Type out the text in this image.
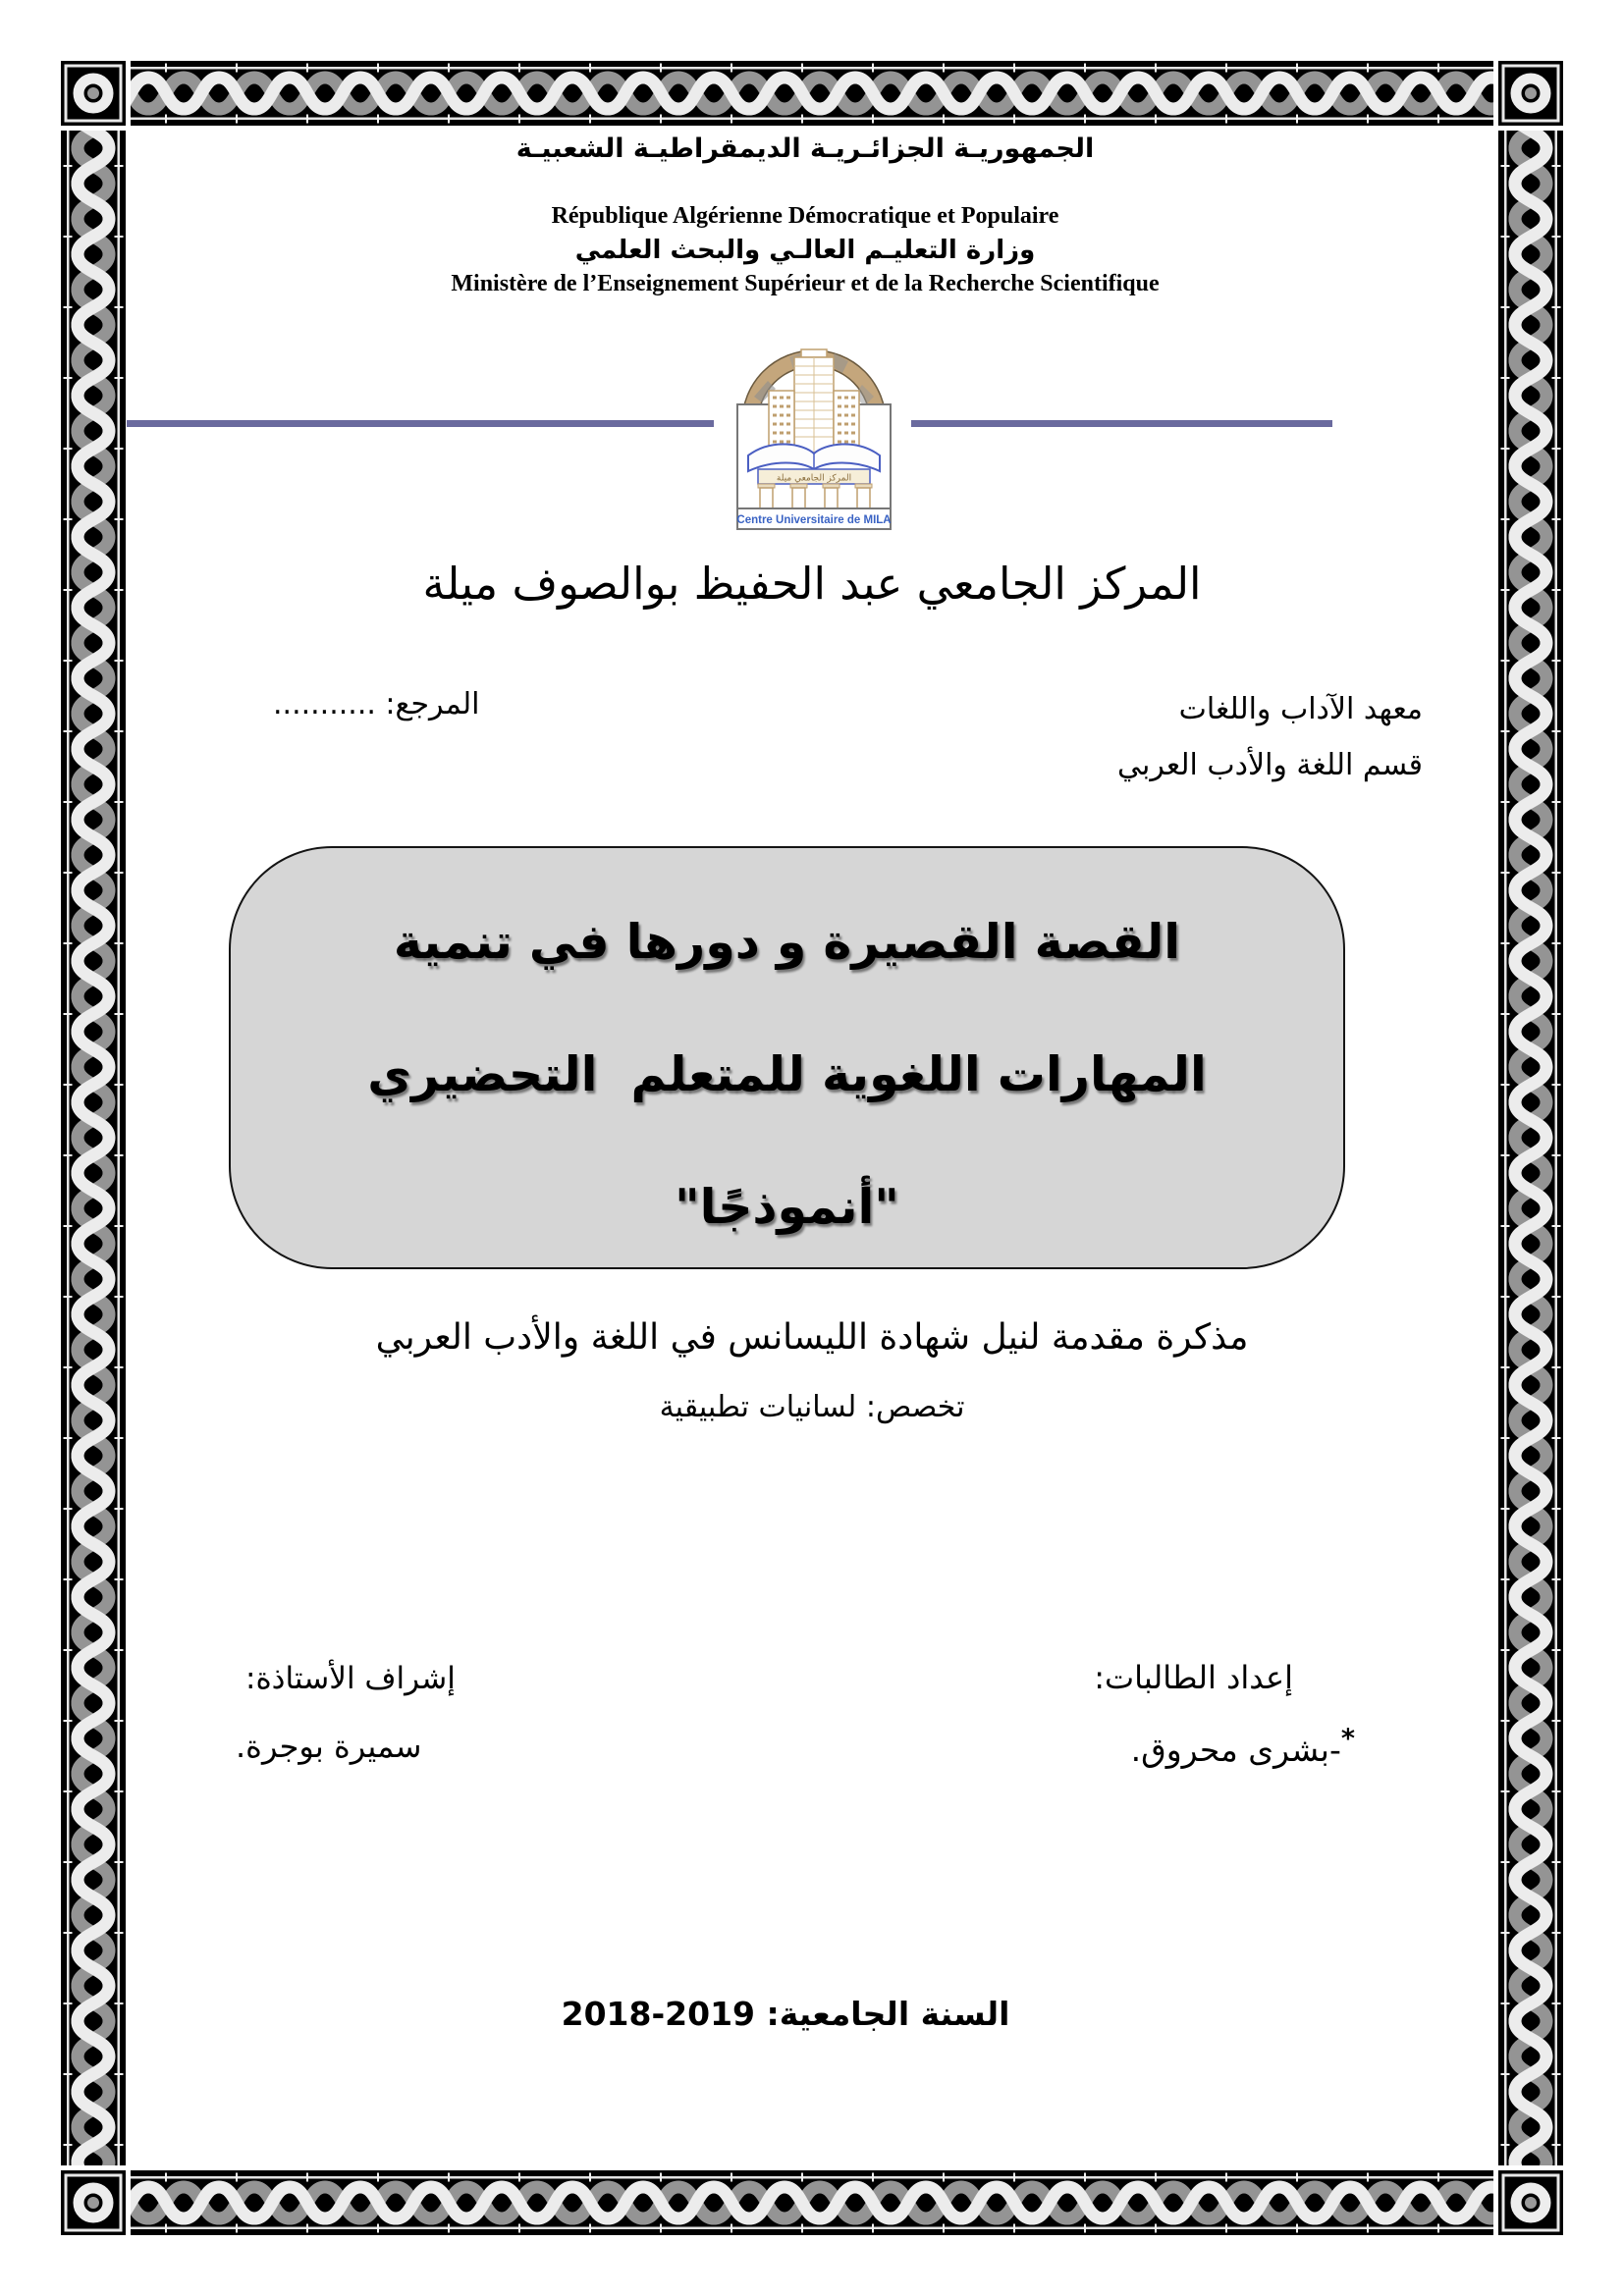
الجمهوريـة الجزائـريـة الديمقراطيـة الشعبيـة
République Algérienne Démocratique et Populaire
وزارة التعليـم العالـي والبحث العلمي
Ministère de l’Enseignement Supérieur et de la Recherche Scientifique
المركز الجامعي ميلة
Centre Universitaire de MILA
المركز الجامعي عبد الحفيظ بوالصوف ميلة
معهد الآداب واللغات
قسم اللغة والأدب العربي
المرجع: ...........
القصة القصيرة و دورها في تنمية
المهارات اللغوية للمتعلم  التحضيري
"أنموذجًا"
مذكرة مقدمة لنيل شهادة الليسانس في اللغة والأدب العربي
تخصص: لسانيات تطبيقية
إعداد الطالبات:
*-بشرى محروق.
إشراف الأستاذة:
سميرة بوجرة.
السنة الجامعية: 2019-2018
